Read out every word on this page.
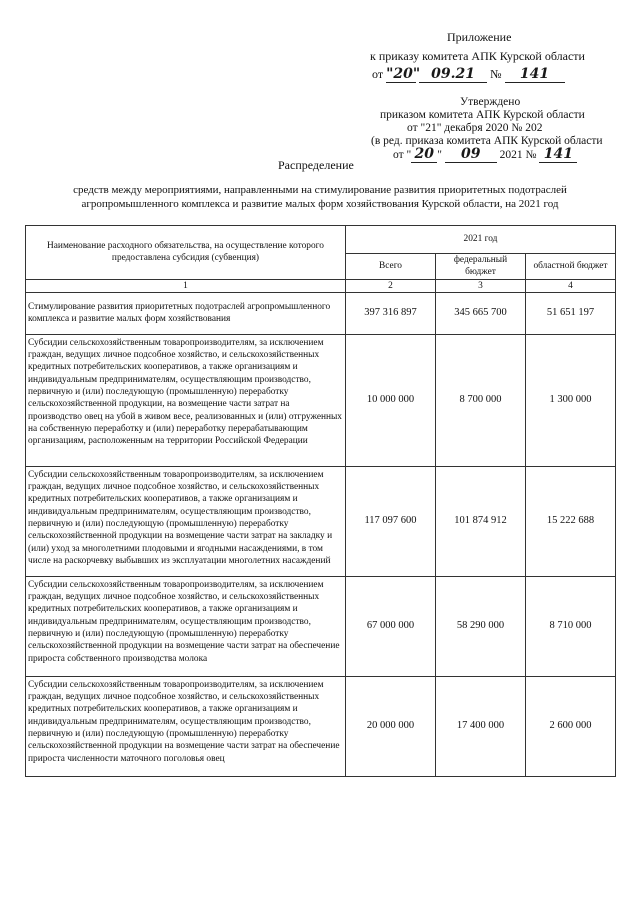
Приложение
к приказу комитета АПК Курской области
от "20" 09.21 № 141
Утверждено
приказом комитета АПК Курской области
от "21" декабря 2020 № 202
(в ред. приказа комитета АПК Курской области
от " 20 " 09 2021 № 141
Распределение
средств между мероприятиями, направленными на стимулирование развития приоритетных подотраслей
агропромышленного комплекса и развитие малых форм хозяйствования Курской области, на 2021 год
Наименование расходного обязательства, на осуществление которого предоставлена субсидия (субвенция)	2021 год		
	Всего	федеральный бюджет	областной бюджет
1	2	3	4
Стимулирование развития приоритетных подотраслей агропромышленного комплекса и развитие малых форм хозяйствования	397 316 897	345 665 700	51 651 197
Субсидии сельскохозяйственным товаропроизводителям, за исключением граждан, ведущих личное подсобное хозяйство, и сельскохозяйственных кредитных потребительских кооперативов, а также организациям и индивидуальным предпринимателям, осуществляющим производство, первичную и (или) последующую (промышленную) переработку сельскохозяйственной продукции, на возмещение части затрат на производство овец на убой в живом весе, реализованных и (или) отгруженных на собственную переработку и (или) переработку перерабатывающим организациям, расположенным на территории Российской Федерации	10 000 000	8 700 000	1 300 000
Субсидии сельскохозяйственным товаропроизводителям, за исключением граждан, ведущих личное подсобное хозяйство, и сельскохозяйственных кредитных потребительских кооперативов, а также организациям и индивидуальным предпринимателям, осуществляющим производство, первичную и (или) последующую (промышленную) переработку сельскохозяйственной продукции на возмещение части затрат на закладку и (или) уход за многолетними плодовыми и ягодными насаждениями, в том числе на раскорчевку выбывших из эксплуатации многолетних насаждений	117 097 600	101 874 912	15 222 688
Субсидии сельскохозяйственным товаропроизводителям, за исключением граждан, ведущих личное подсобное хозяйство, и сельскохозяйственных кредитных потребительских кооперативов, а также организациям и индивидуальным предпринимателям, осуществляющим производство, первичную и (или) последующую (промышленную) переработку сельскохозяйственной продукции на возмещение части затрат на обеспечение прироста собственного производства молока	67 000 000	58 290 000	8 710 000
Субсидии сельскохозяйственным товаропроизводителям, за исключением граждан, ведущих личное подсобное хозяйство, и сельскохозяйственных кредитных потребительских кооперативов, а также организациям и индивидуальным предпринимателям, осуществляющим производство, первичную и (или) последующую (промышленную) переработку сельскохозяйственной продукции на возмещение части затрат на обеспечение прироста численности маточного поголовья овец	20 000 000	17 400 000	2 600 000
